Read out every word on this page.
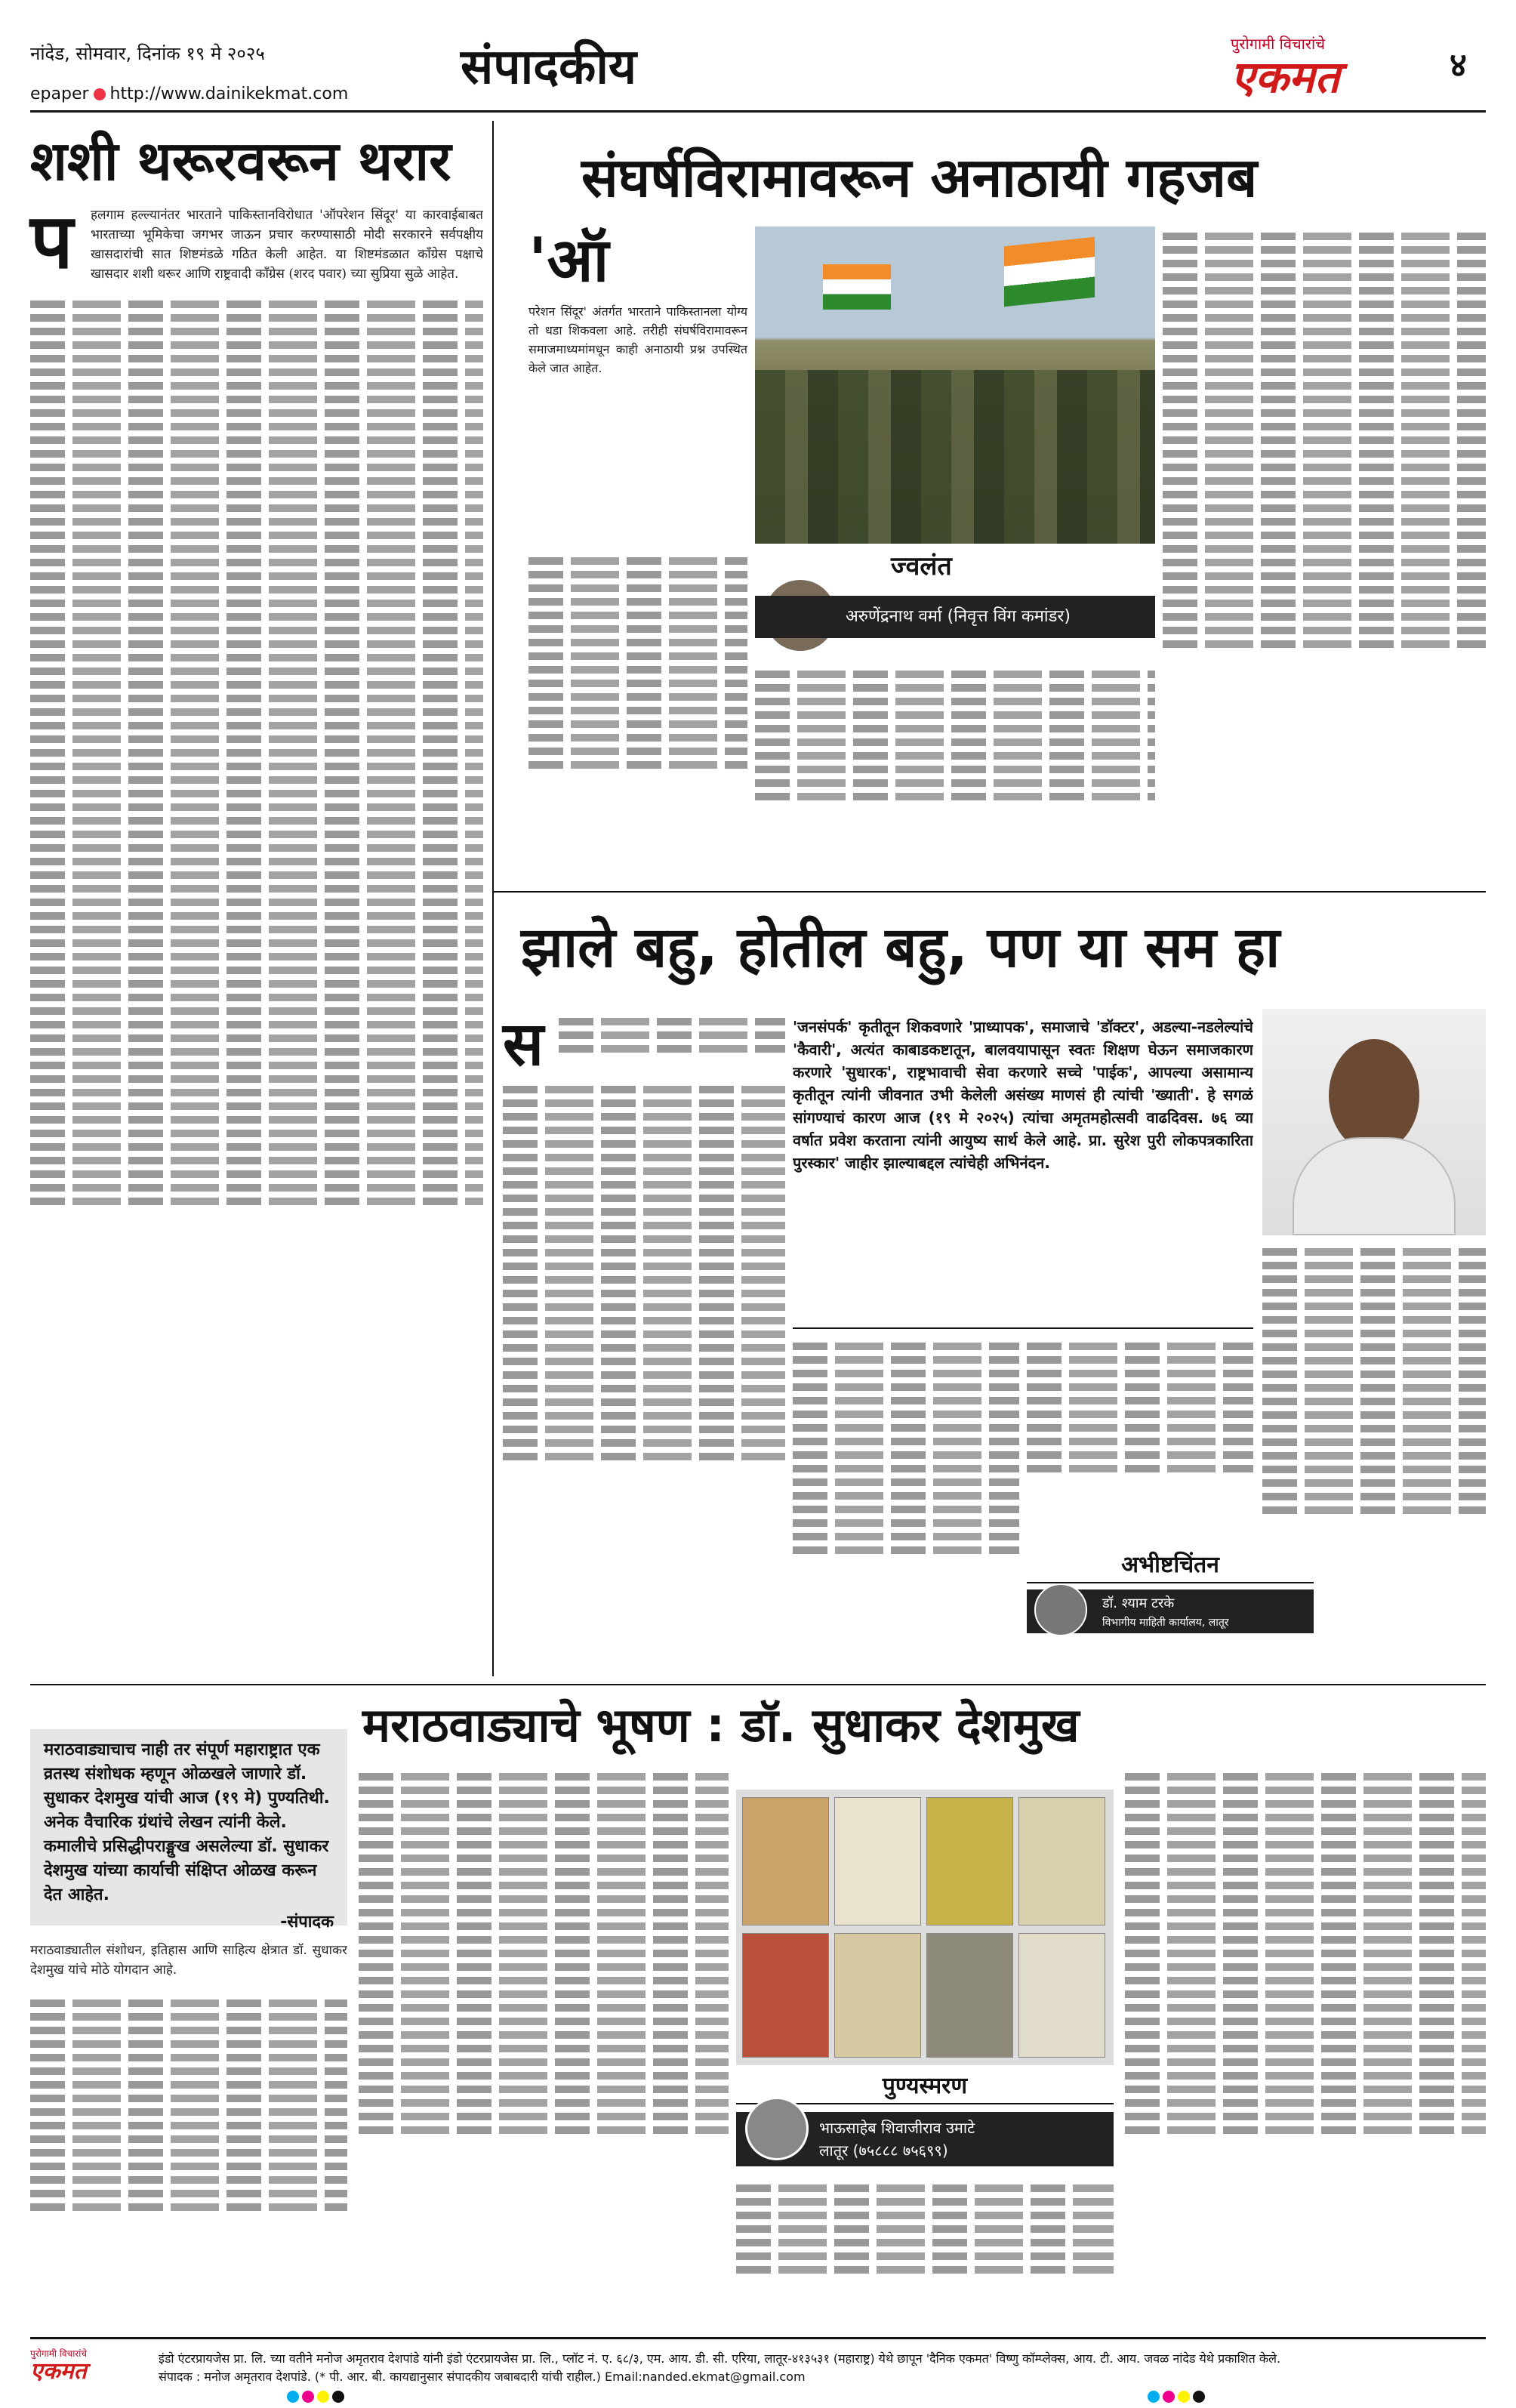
नांदेड, सोमवार, दिनांक १९ मे २०२५
epaper http://www.dainikekmat.com संपादकीय	पुरोगामी विचारांचे
एकमत	४
शशी थरूरवरून थरार
प हलगाम हल्ल्यानंतर भारताने पाकिस्तानविरोधात 'ऑपरेशन सिंदूर' या कारवाईबाबत भारताच्या भूमिकेचा जगभर जाऊन प्रचार करण्यासाठी मोदी सरकारने सर्वपक्षीय खासदारांची सात शिष्टमंडळे गठित केली आहेत. या शिष्टमंडळात काँग्रेस पक्षाचे खासदार शशी थरूर आणि राष्ट्रवादी काँग्रेस (शरद पवार) च्या सुप्रिया सुळे आहेत.
संघर्षविरामावरून अनाठायी गहजब
'ऑ
परेशन सिंदूर' अंतर्गत भारताने पाकिस्तानला योग्य तो धडा शिकवला आहे. तरीही संघर्षविरामावरून समाजमाध्यमांमधून काही अनाठायी प्रश्न उपस्थित केले जात आहेत.
ज्वलंत
अरुणेंद्रनाथ वर्मा (निवृत्त विंग कमांडर)
झाले बहु, होतील बहु, पण या सम हा
स	'जनसंपर्क' कृतीतून शिकवणारे 'प्राध्यापक', समाजाचे 'डॉक्टर', अडल्या-नडलेल्यांचे 'कैवारी', अत्यंत काबाडकष्टातून, बालवयापासून स्वतः शिक्षण घेऊन समाजकारण करणारे 'सुधारक', राष्ट्रभावाची सेवा करणारे सच्चे 'पाईक', आपल्या असामान्य कृतीतून त्यांनी जीवनात उभी केलेली असंख्य माणसं ही त्यांची 'ख्याती'. हे सगळं सांगण्याचं कारण आज (१९ मे २०२५) त्यांचा अमृतमहोत्सवी वाढदिवस. ७६ व्या वर्षात प्रवेश करताना त्यांनी आयुष्य सार्थ केले आहे. प्रा. सुरेश पुरी लोकपत्रकारिता पुरस्कार' जाहीर झाल्याबद्दल त्यांचेही अभिनंदन.
अभीष्टचिंतन
डॉ. श्याम टरके
विभागीय माहिती कार्यालय, लातूर
मराठवाड्याचे भूषण : डॉ. सुधाकर देशमुख
मराठवाड्याचाच नाही तर संपूर्ण महाराष्ट्रात एक व्रतस्थ संशोधक म्हणून ओळखले जाणारे डॉ. सुधाकर देशमुख यांची आज (१९ मे) पुण्यतिथी. अनेक वैचारिक ग्रंथांचे लेखन त्यांनी केले. कमालीचे प्रसिद्धीपराङ्मुख असलेल्या डॉ. सुधाकर देशमुख यांच्या कार्याची संक्षिप्त ओळख करून देत आहेत.
-संपादक
मराठवाड्यातील संशोधन, इतिहास आणि साहित्य क्षेत्रात डॉ. सुधाकर देशमुख यांचे मोठे योगदान आहे.
पुण्यस्मरण
भाऊसाहेब शिवाजीराव उमाटे
लातूर (७५८८८ ७५६९९)
पुरोगामी विचारांचे
एकमत	इंडो एंटरप्रायजेस प्रा. लि. च्या वतीने मनोज अमृतराव देशपांडे यांनी इंडो एंटरप्रायजेस प्रा. लि., प्लॉट नं. ए. ६८/३, एम. आय. डी. सी. एरिया, लातूर-४१३५३१ (महाराष्ट्र) येथे छापून 'दैनिक एकमत' विष्णु कॉम्प्लेक्स, आय. टी. आय. जवळ नांदेड येथे प्रकाशित केले.
संपादक : मनोज अमृतराव देशपांडे. (* पी. आर. बी. कायद्यानुसार संपादकीय जबाबदारी यांची राहील.) Email:nanded.ekmat@gmail.com
